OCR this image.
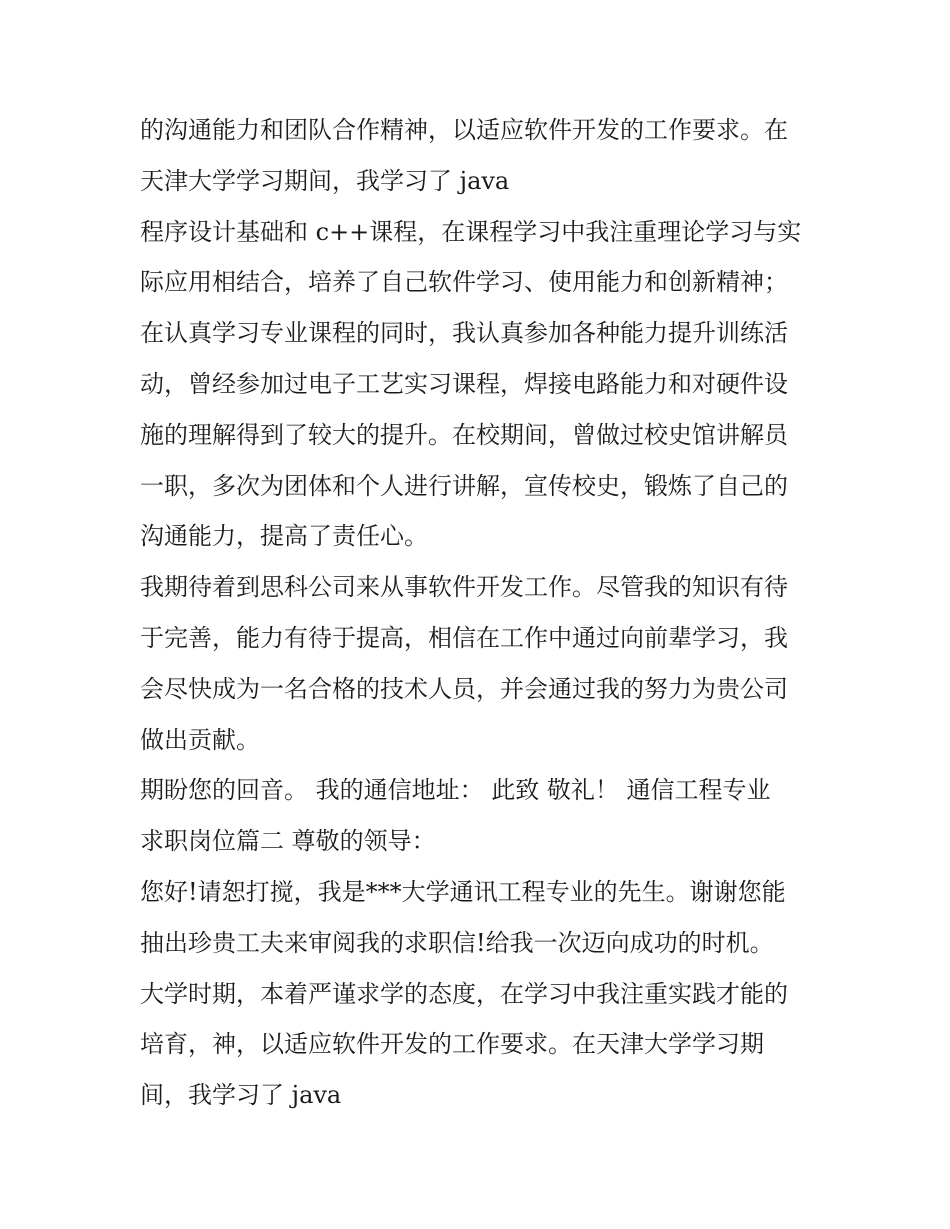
的沟通能力和团队合作精神，以适应软件开发的工作要求。在
天津大学学习期间，我学习了 java
程序设计基础和 c++课程，在课程学习中我注重理论学习与实
际应用相结合，培养了自己软件学习、使用能力和创新精神；
在认真学习专业课程的同时，我认真参加各种能力提升训练活
动，曾经参加过电子工艺实习课程，焊接电路能力和对硬件设
施的理解得到了较大的提升。在校期间，曾做过校史馆讲解员
一职，多次为团体和个人进行讲解，宣传校史，锻炼了自己的
沟通能力，提高了责任心。
我期待着到思科公司来从事软件开发工作。尽管我的知识有待
于完善，能力有待于提高，相信在工作中通过向前辈学习，我
会尽快成为一名合格的技术人员，并会通过我的努力为贵公司
做出贡献。
期盼您的回音。 我的通信地址： 此致 敬礼！ 通信工程专业
求职岗位篇二 尊敬的领导：
您好!请恕打搅，我是***大学通讯工程专业的先生。谢谢您能
抽出珍贵工夫来审阅我的求职信!给我一次迈向成功的时机。
大学时期，本着严谨求学的态度，在学习中我注重实践才能的
培育，神，以适应软件开发的工作要求。在天津大学学习期
间，我学习了 java
